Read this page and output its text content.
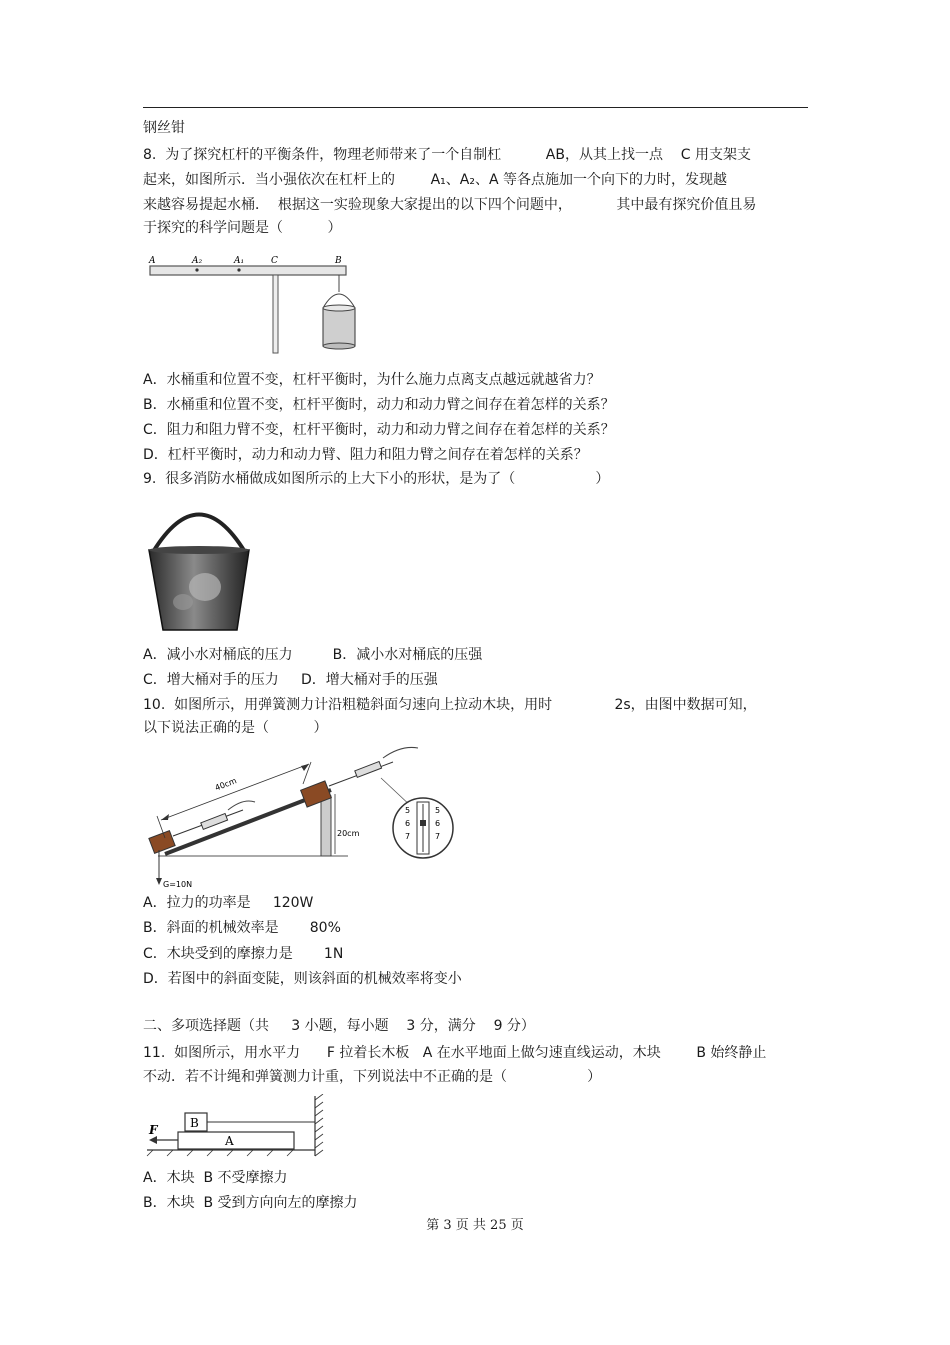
钢丝钳
8.  为了探究杠杆的平衡条件，物理老师带来了一个自制杠          AB，从其上找一点    C 用支架支
起来，如图所示．当小强依次在杠杆上的        A₁、A₂、A 等各点施加一个向下的力时，发现越
来越容易提起水桶．  根据这一实验现象大家提出的以下四个问题中，          其中最有探究价值且易
于探究的科学问题是（          ）
A	A₂	A₁	C	B
A．水桶重和位置不变，杠杆平衡时，为什么施力点离支点越远就越省力？
B．水桶重和位置不变，杠杆平衡时，动力和动力臂之间存在着怎样的关系？
C．阻力和阻力臂不变，杠杆平衡时，动力和动力臂之间存在着怎样的关系？
D．杠杆平衡时，动力和动力臂、阻力和阻力臂之间存在着怎样的关系？
9.  很多消防水桶做成如图所示的上大下小的形状，是为了（                  ）
A．减小水对桶底的压力         B．减小水对桶底的压强
C．增大桶对手的压力     D．增大桶对手的压强
10.  如图所示，用弹簧测力计沿粗糙斜面匀速向上拉动木块，用时              2s，由图中数据可知，
以下说法正确的是（          ）
40cm
20cm
G=10N
5
6
7
5
6
7
A．拉力的功率是     120W
B．斜面的机械效率是       80%
C．木块受到的摩擦力是       1N
D．若图中的斜面变陡，则该斜面的机械效率将变小
二、多项选择题（共     3 小题，每小题    3 分，满分    9 分）
11.  如图所示，用水平力      F 拉着长木板   A 在水平地面上做匀速直线运动，木块        B 始终静止
不动．若不计绳和弹簧测力计重，下列说法中不正确的是（                  ）
F
A
B
A．木块  B 不受摩擦力
B．木块  B 受到方向向左的摩擦力
第 3 页 共 25 页
